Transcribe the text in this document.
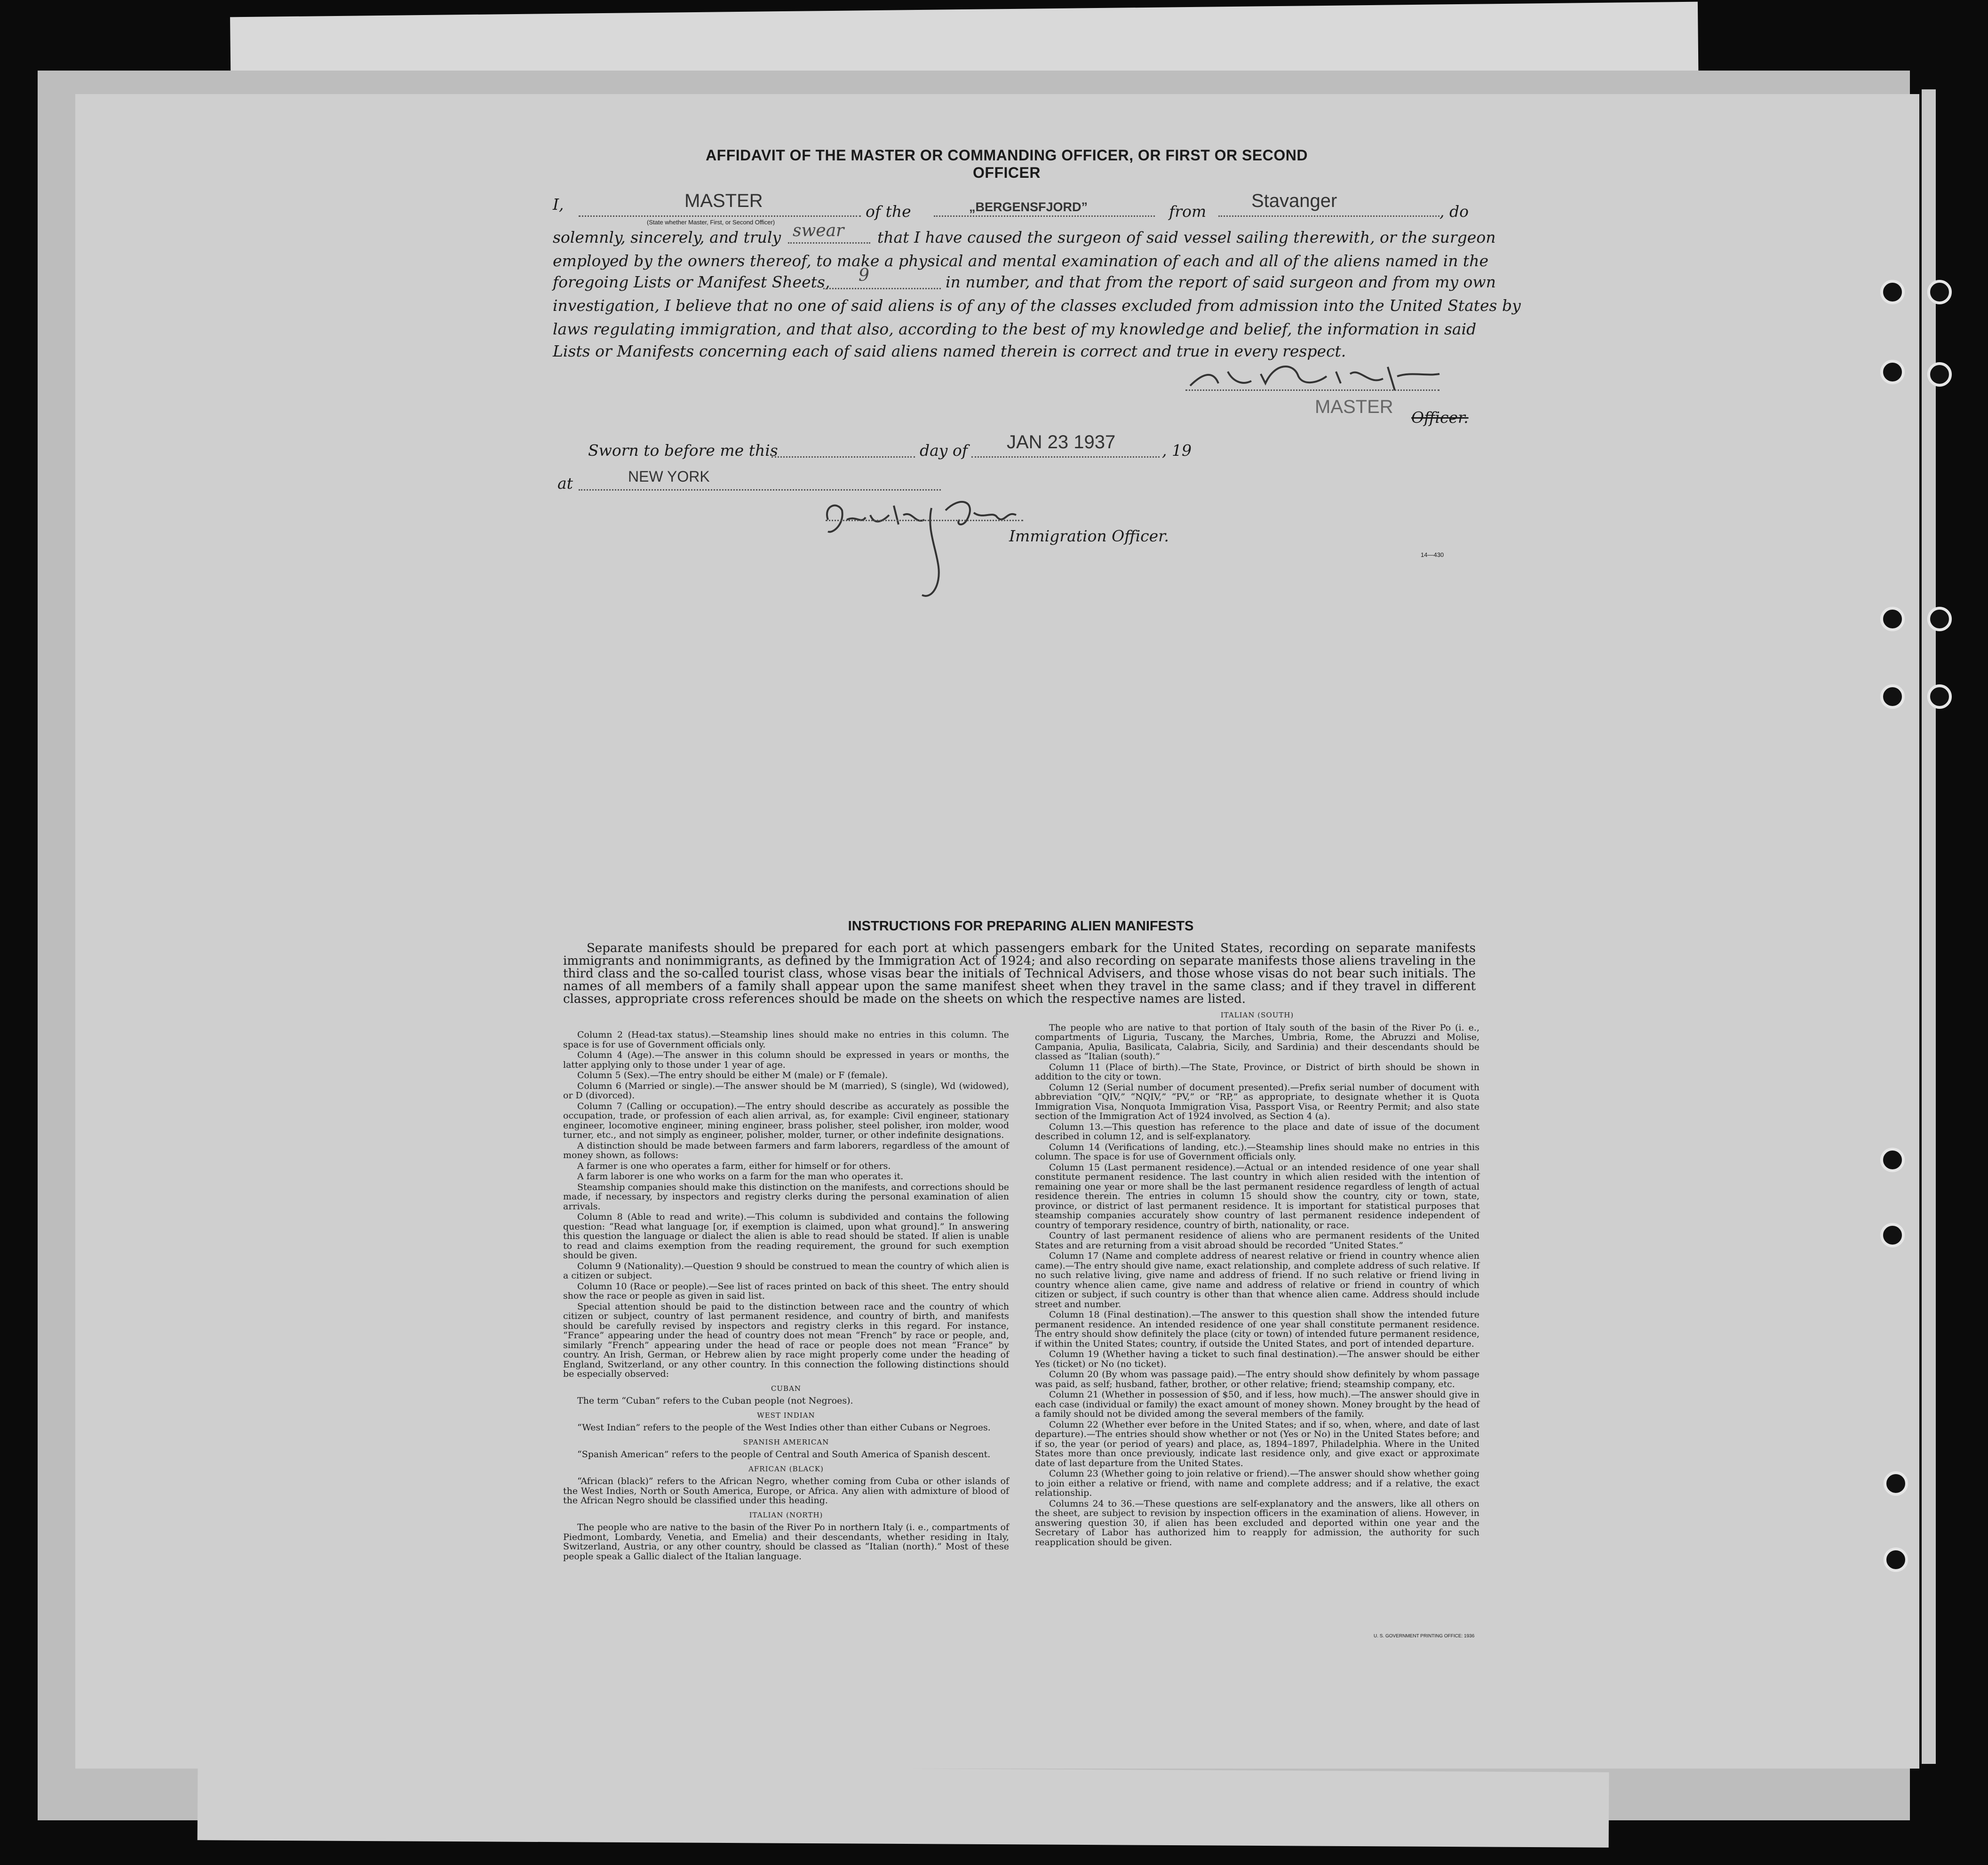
AFFIDAVIT OF THE MASTER OR COMMANDING OFFICER, OR FIRST OR SECOND OFFICER
I,	MASTER
of the	„BERGENSFJORD”	from
Stavanger
, do
(State whether Master, First, or Second Officer)
solemnly, sincerely, and truly swear that I have caused the surgeon of said vessel sailing therewith, or the surgeon
employed by the owners thereof, to make a physical and mental examination of each and all of the aliens named in the
foregoing Lists or Manifest Sheets, 9	in number, and that from the report of said surgeon and from my own
investigation, I believe that no one of said aliens is of any of the classes excluded from admission into the United States by
laws regulating immigration, and that also, according to the best of my knowledge and belief, the information in said
Lists or Manifests concerning each of said aliens named therein is correct and true in every respect.
MASTER
Officer.
Sworn to before me this	day of JAN 23 1937	, 19
at	NEW YORK
Immigration Officer.
14—430
INSTRUCTIONS FOR PREPARING ALIEN MANIFESTS
Separate manifests should be prepared for each port at which passengers embark for the United States, recording on separate manifests immigrants and nonimmigrants, as defined by the Immigration Act of 1924; and also recording on separate manifests those aliens traveling in the third class and the so-called tourist class, whose visas bear the initials of Technical Advisers, and those whose visas do not bear such initials. The names of all members of a family shall appear upon the same manifest sheet when they travel in the same class; and if they travel in different classes, appropriate cross references should be made on the sheets on which the respective names are listed.

Column 2 (Head-tax status).—Steamship lines should make no entries in this column. The space is for use of Government officials only.

Column 4 (Age).—The answer in this column should be expressed in years or months, the latter applying only to those under 1 year of age.

Column 5 (Sex).—The entry should be either M (male) or F (female).

Column 6 (Married or single).—The answer should be M (married), S (single), Wd (widowed), or D (divorced).

Column 7 (Calling or occupation).—The entry should describe as accurately as possible the occupation, trade, or profession of each alien arrival, as, for example: Civil engineer, stationary engineer, locomotive engineer, mining engineer, brass polisher, steel polisher, iron molder, wood turner, etc., and not simply as engineer, polisher, molder, turner, or other indefinite designations.

A distinction should be made between farmers and farm laborers, regardless of the amount of money shown, as follows:

A farmer is one who operates a farm, either for himself or for others.

A farm laborer is one who works on a farm for the man who operates it.

Steamship companies should make this distinction on the manifests, and corrections should be made, if necessary, by inspectors and registry clerks during the personal examination of alien arrivals.

Column 8 (Able to read and write).—This column is subdivided and contains the following question: “Read what language [or, if exemption is claimed, upon what ground].” In answering this question the language or dialect the alien is able to read should be stated. If alien is unable to read and claims exemption from the reading requirement, the ground for such exemption should be given.

Column 9 (Nationality).—Question 9 should be construed to mean the country of which alien is a citizen or subject.

Column 10 (Race or people).—See list of races printed on back of this sheet. The entry should show the race or people as given in said list.

Special attention should be paid to the distinction between race and the country of which citizen or subject, country of last permanent residence, and country of birth, and manifests should be carefully revised by inspectors and registry clerks in this regard. For instance, “France” appearing under the head of country does not mean “French” by race or people, and, similarly “French” appearing under the head of race or people does not mean “France” by country. An Irish, German, or Hebrew alien by race might properly come under the heading of England, Switzerland, or any other country. In this connection the following distinctions should be especially observed:

CUBAN

The term “Cuban” refers to the Cuban people (not Negroes).

WEST INDIAN

“West Indian” refers to the people of the West Indies other than either Cubans or Negroes.

SPANISH AMERICAN

“Spanish American” refers to the people of Central and South America of Spanish descent.

AFRICAN (BLACK)

“African (black)” refers to the African Negro, whether coming from Cuba or other islands of the West Indies, North or South America, Europe, or Africa. Any alien with admixture of blood of the African Negro should be classified under this heading.

ITALIAN (NORTH)

The people who are native to the basin of the River Po in northern Italy (i. e., compartments of Piedmont, Lombardy, Venetia, and Emelia) and their descendants, whether residing in Italy, Switzerland, Austria, or any other country, should be classed as “Italian (north).” Most of these people speak a Gallic dialect of the Italian language.

ITALIAN (SOUTH)

The people who are native to that portion of Italy south of the basin of the River Po (i. e., compartments of Liguria, Tuscany, the Marches, Umbria, Rome, the Abruzzi and Molise, Campania, Apulia, Basilicata, Calabria, Sicily, and Sardinia) and their descendants should be classed as “Italian (south).”

Column 11 (Place of birth).—The State, Province, or District of birth should be shown in addition to the city or town.

Column 12 (Serial number of document presented).—Prefix serial number of document with abbreviation “QIV,” “NQIV,” “PV,” or “RP,” as appropriate, to designate whether it is Quota Immigration Visa, Nonquota Immigration Visa, Passport Visa, or Reentry Permit; and also state section of the Immigration Act of 1924 involved, as Section 4 (a).

Column 13.—This question has reference to the place and date of issue of the document described in column 12, and is self-explanatory.

Column 14 (Verifications of landing, etc.).—Steamship lines should make no entries in this column. The space is for use of Government officials only.

Column 15 (Last permanent residence).—Actual or an intended residence of one year shall constitute permanent residence. The last country in which alien resided with the intention of remaining one year or more shall be the last permanent residence regardless of length of actual residence therein. The entries in column 15 should show the country, city or town, state, province, or district of last permanent residence. It is important for statistical purposes that steamship companies accurately show country of last permanent residence independent of country of temporary residence, country of birth, nationality, or race.

Country of last permanent residence of aliens who are permanent residents of the United States and are returning from a visit abroad should be recorded “United States.”

Column 17 (Name and complete address of nearest relative or friend in country whence alien came).—The entry should give name, exact relationship, and complete address of such relative. If no such relative living, give name and address of friend. If no such relative or friend living in country whence alien came, give name and address of relative or friend in country of which citizen or subject, if such country is other than that whence alien came. Address should include street and number.

Column 18 (Final destination).—The answer to this question shall show the intended future permanent residence. An intended residence of one year shall constitute permanent residence. The entry should show definitely the place (city or town) of intended future permanent residence, if within the United States; country, if outside the United States, and port of intended departure.

Column 19 (Whether having a ticket to such final destination).—The answer should be either Yes (ticket) or No (no ticket).

Column 20 (By whom was passage paid).—The entry should show definitely by whom passage was paid, as self; husband, father, brother, or other relative; friend; steamship company, etc.

Column 21 (Whether in possession of $50, and if less, how much).—The answer should give in each case (individual or family) the exact amount of money shown. Money brought by the head of a family should not be divided among the several members of the family.

Column 22 (Whether ever before in the United States; and if so, when, where, and date of last departure).—The entries should show whether or not (Yes or No) in the United States before; and if so, the year (or period of years) and place, as, 1894–1897, Philadelphia. Where in the United States more than once previously, indicate last residence only, and give exact or approximate date of last departure from the United States.

Column 23 (Whether going to join relative or friend).—The answer should show whether going to join either a relative or friend, with name and complete address; and if a relative, the exact relationship.

Columns 24 to 36.—These questions are self-explanatory and the answers, like all others on the sheet, are subject to revision by inspection officers in the examination of aliens. However, in answering question 30, if alien has been excluded and deported within one year and the Secretary of Labor has authorized him to reapply for admission, the authority for such reapplication should be given.

U. S. GOVERNMENT PRINTING OFFICE: 1936
